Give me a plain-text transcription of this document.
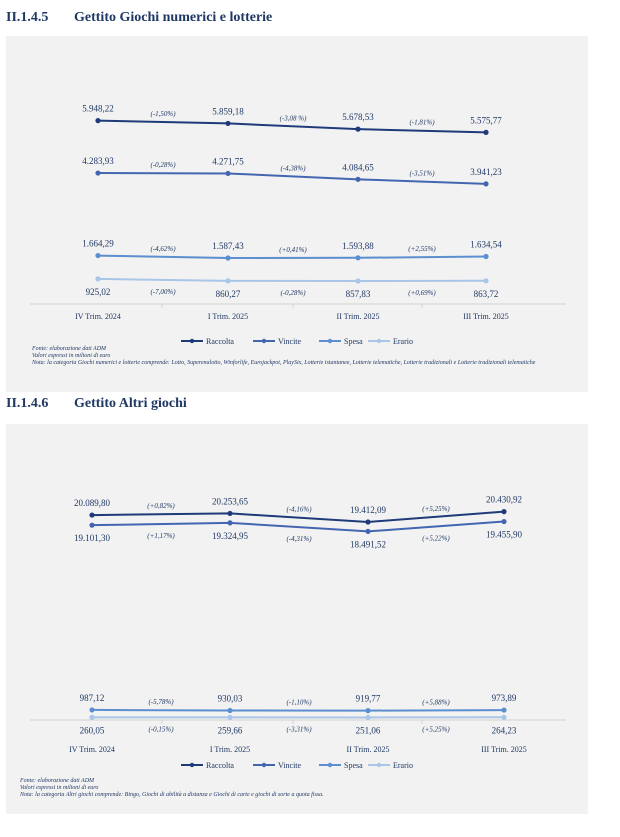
II.1.4.5 Gettito Giochi numerici e lotterie
5.948,22	5.859,18
5.678,53	5.575,77
(-1,50%)
(-3,08 %)
(-1,81%)
4.283,93	4.271,75
4.084,65	3.941,23
(-0,28%)	(-4,38%)
(-3,51%)
1.664,29	1.587,43	1.593,88	1.634,54
(-4,62%)	(+0,41%)	(+2,55%)
925,02	860,27	857,83	863,72
(-7,00%)	(-0,28%)	(+0,69%)
IV Trim. 2024	I Trim. 2025	II Trim. 2025	III Trim. 2025
Raccolta	Vincite	Spesa	Erario
Fonte: elaborazione dati ADM
Valori espressi in milioni di euro
Nota: la categoria Giochi numerici e lotterie comprende: Lotto, Superenalotto, Winforlife, Eurojackpot, PlaySix, Lotterie istantanee, Lotterie telematiche, Lotterie tradizionali e Lotterie tradizionali telematiche
II.1.4.6 Gettito Altri giochi
20.089,80	20.253,65
19.412,09
20.430,92
(+0,82%)	(-4,16%)	(+5,25%)
19.101,30	19.324,95
18.491,52
19.455,90
(+1,17%)	(-4,31%)	(+5,22%)
987,12	930,03	919,77	973,89
(-5,78%)	(-1,10%)	(+5,88%)
260,05	259,66	251,06	264,23
(-0,15%)	(-3,31%)	(+5,25%)
IV Trim. 2024	I Trim. 2025	II Trim. 2025	III Trim. 2025
Raccolta	Vincite	Spesa	Erario
Fonte: elaborazione dati ADM
Valori espressi in milioni di euro
Nota: la categoria Altri giochi comprende: Bingo, Giochi di abilità a distanza e Giochi di carte e giochi di sorte a quota fissa.
